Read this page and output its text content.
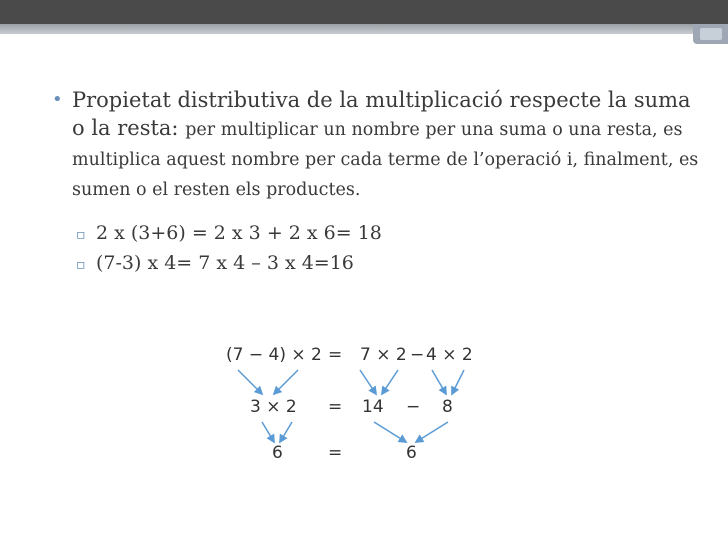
• Propietat distributiva de la multiplicació respecte la suma o la resta: per multiplicar un nombre per una suma o una resta, es multiplica aquest nombre per cada terme de l’operació i, finalment, es sumen o el resten els productes.
▫ 2 x (3+6) = 2 x 3 + 2 x 6= 18
▫ (7-3) x 4= 7 x 4 – 3 x 4=16
(7 − 4) × 2 = 7 × 2 − 4 × 2
3 × 2 = 14 − 8
6	=	6
